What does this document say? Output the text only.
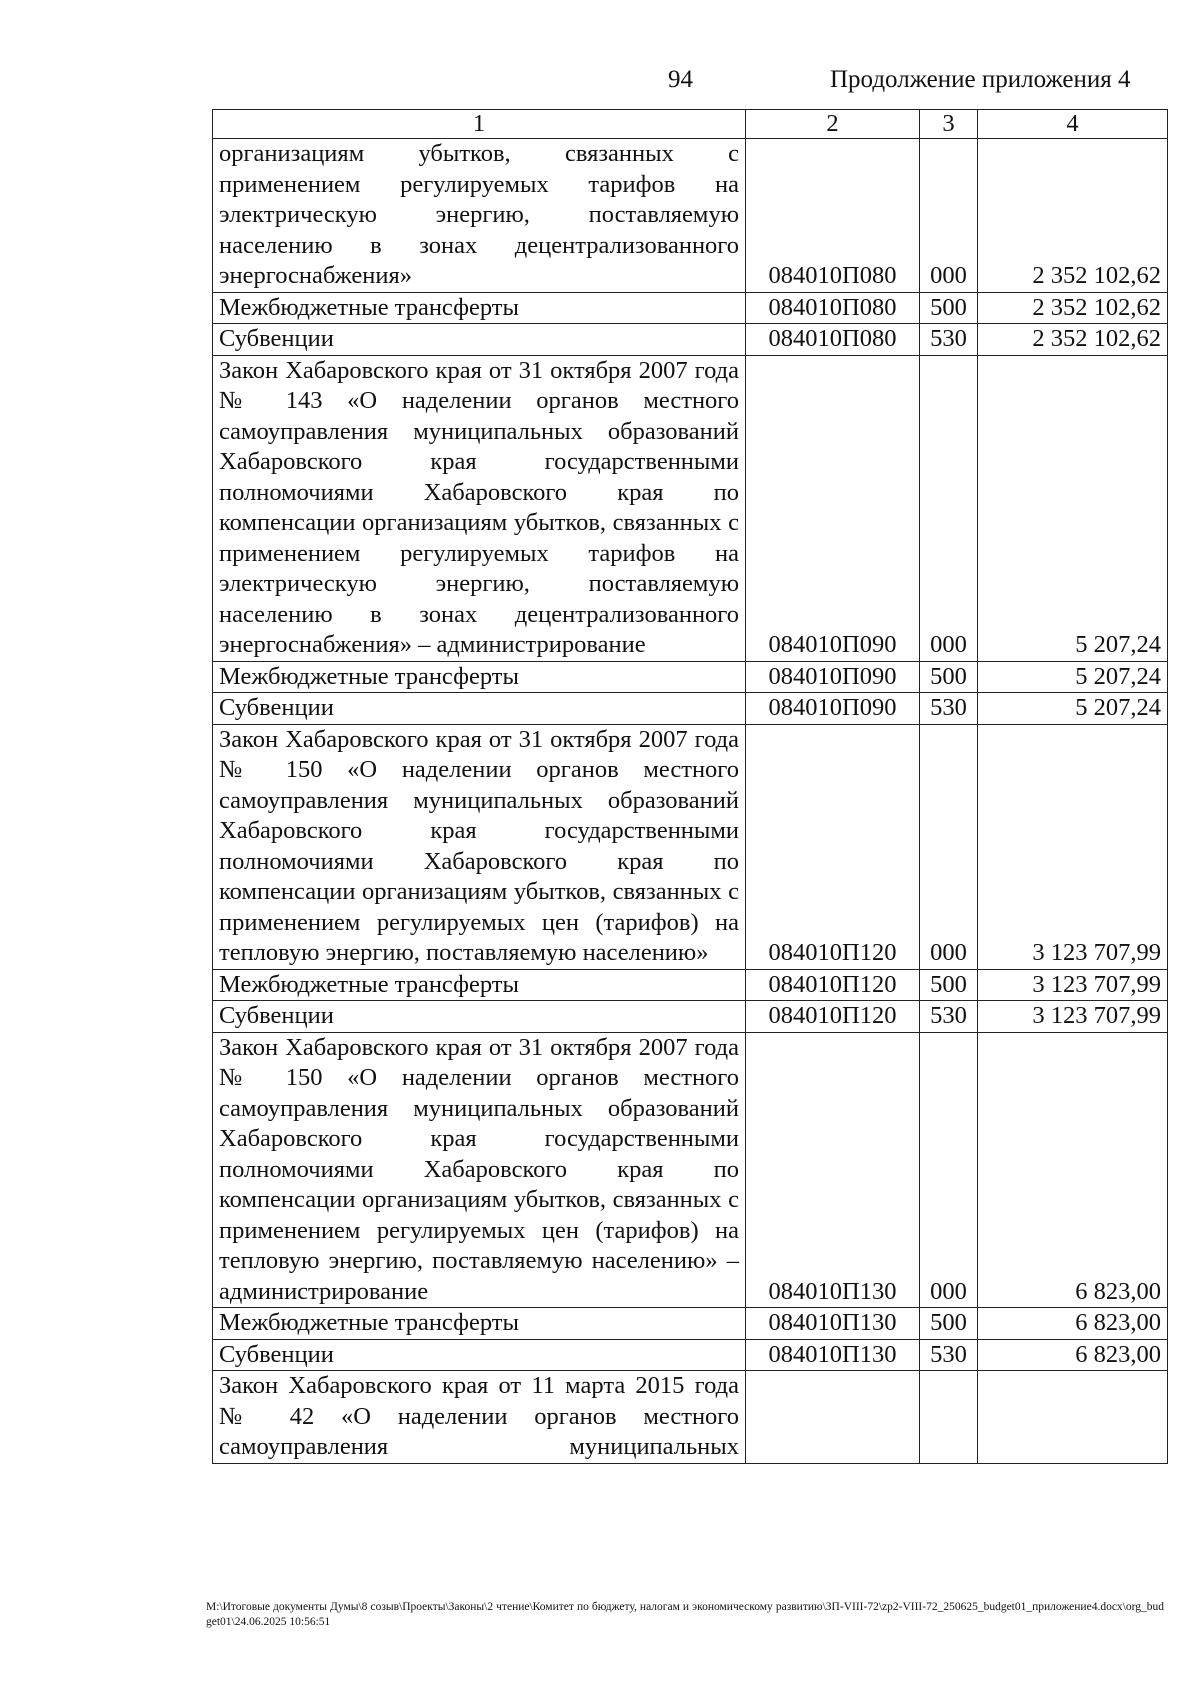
94	Продолжение приложения 4
1	2	3	4
организациям убытков, связанных с применением регулируемых тарифов на электрическую энергию, поставляемую населению в зонах децентрализованного энергоснабжения»	084010П080	000	2 352 102,62
Межбюджетные трансферты	084010П080	500	2 352 102,62
Субвенции	084010П080	530	2 352 102,62
Закон Хабаровского края от 31 октября 2007 года № 143 «О наделении органов местного самоуправления муниципальных образований Хабаровского края государственными полномочиями Хабаровского края по компенсации организациям убытков, связанных с применением регулируемых тарифов на электрическую энергию, поставляемую населению в зонах децентрализованного энергоснабжения» – администрирование	084010П090	000	5 207,24
Межбюджетные трансферты	084010П090	500	5 207,24
Субвенции	084010П090	530	5 207,24
Закон Хабаровского края от 31 октября 2007 года № 150 «О наделении органов местного самоуправления муниципальных образований Хабаровского края государственными полномочиями Хабаровского края по компенсации организациям убытков, связанных с применением регулируемых цен (тарифов) на тепловую энергию, поставляемую населению»	084010П120	000	3 123 707,99
Межбюджетные трансферты	084010П120	500	3 123 707,99
Субвенции	084010П120	530	3 123 707,99
Закон Хабаровского края от 31 октября 2007 года № 150 «О наделении органов местного самоуправления муниципальных образований Хабаровского края государственными полномочиями Хабаровского края по компенсации организациям убытков, связанных с применением регулируемых цен (тарифов) на тепловую энергию, поставляемую населению» – администрирование	084010П130	000	6 823,00
Межбюджетные трансферты	084010П130	500	6 823,00
Субвенции	084010П130	530	6 823,00
Закон Хабаровского края от 11 марта 2015 года № 42 «О наделении органов местного самоуправления муниципальных			
M:\Итоговые документы Думы\8 созыв\Проекты\Законы\2 чтение\Комитет по бюджету, налогам и экономическому развитию\ЗП-VIII-72\zp2-VIII-72_250625_budget01_приложение4.docx\org_budget01\24.06.2025 10:56:51
